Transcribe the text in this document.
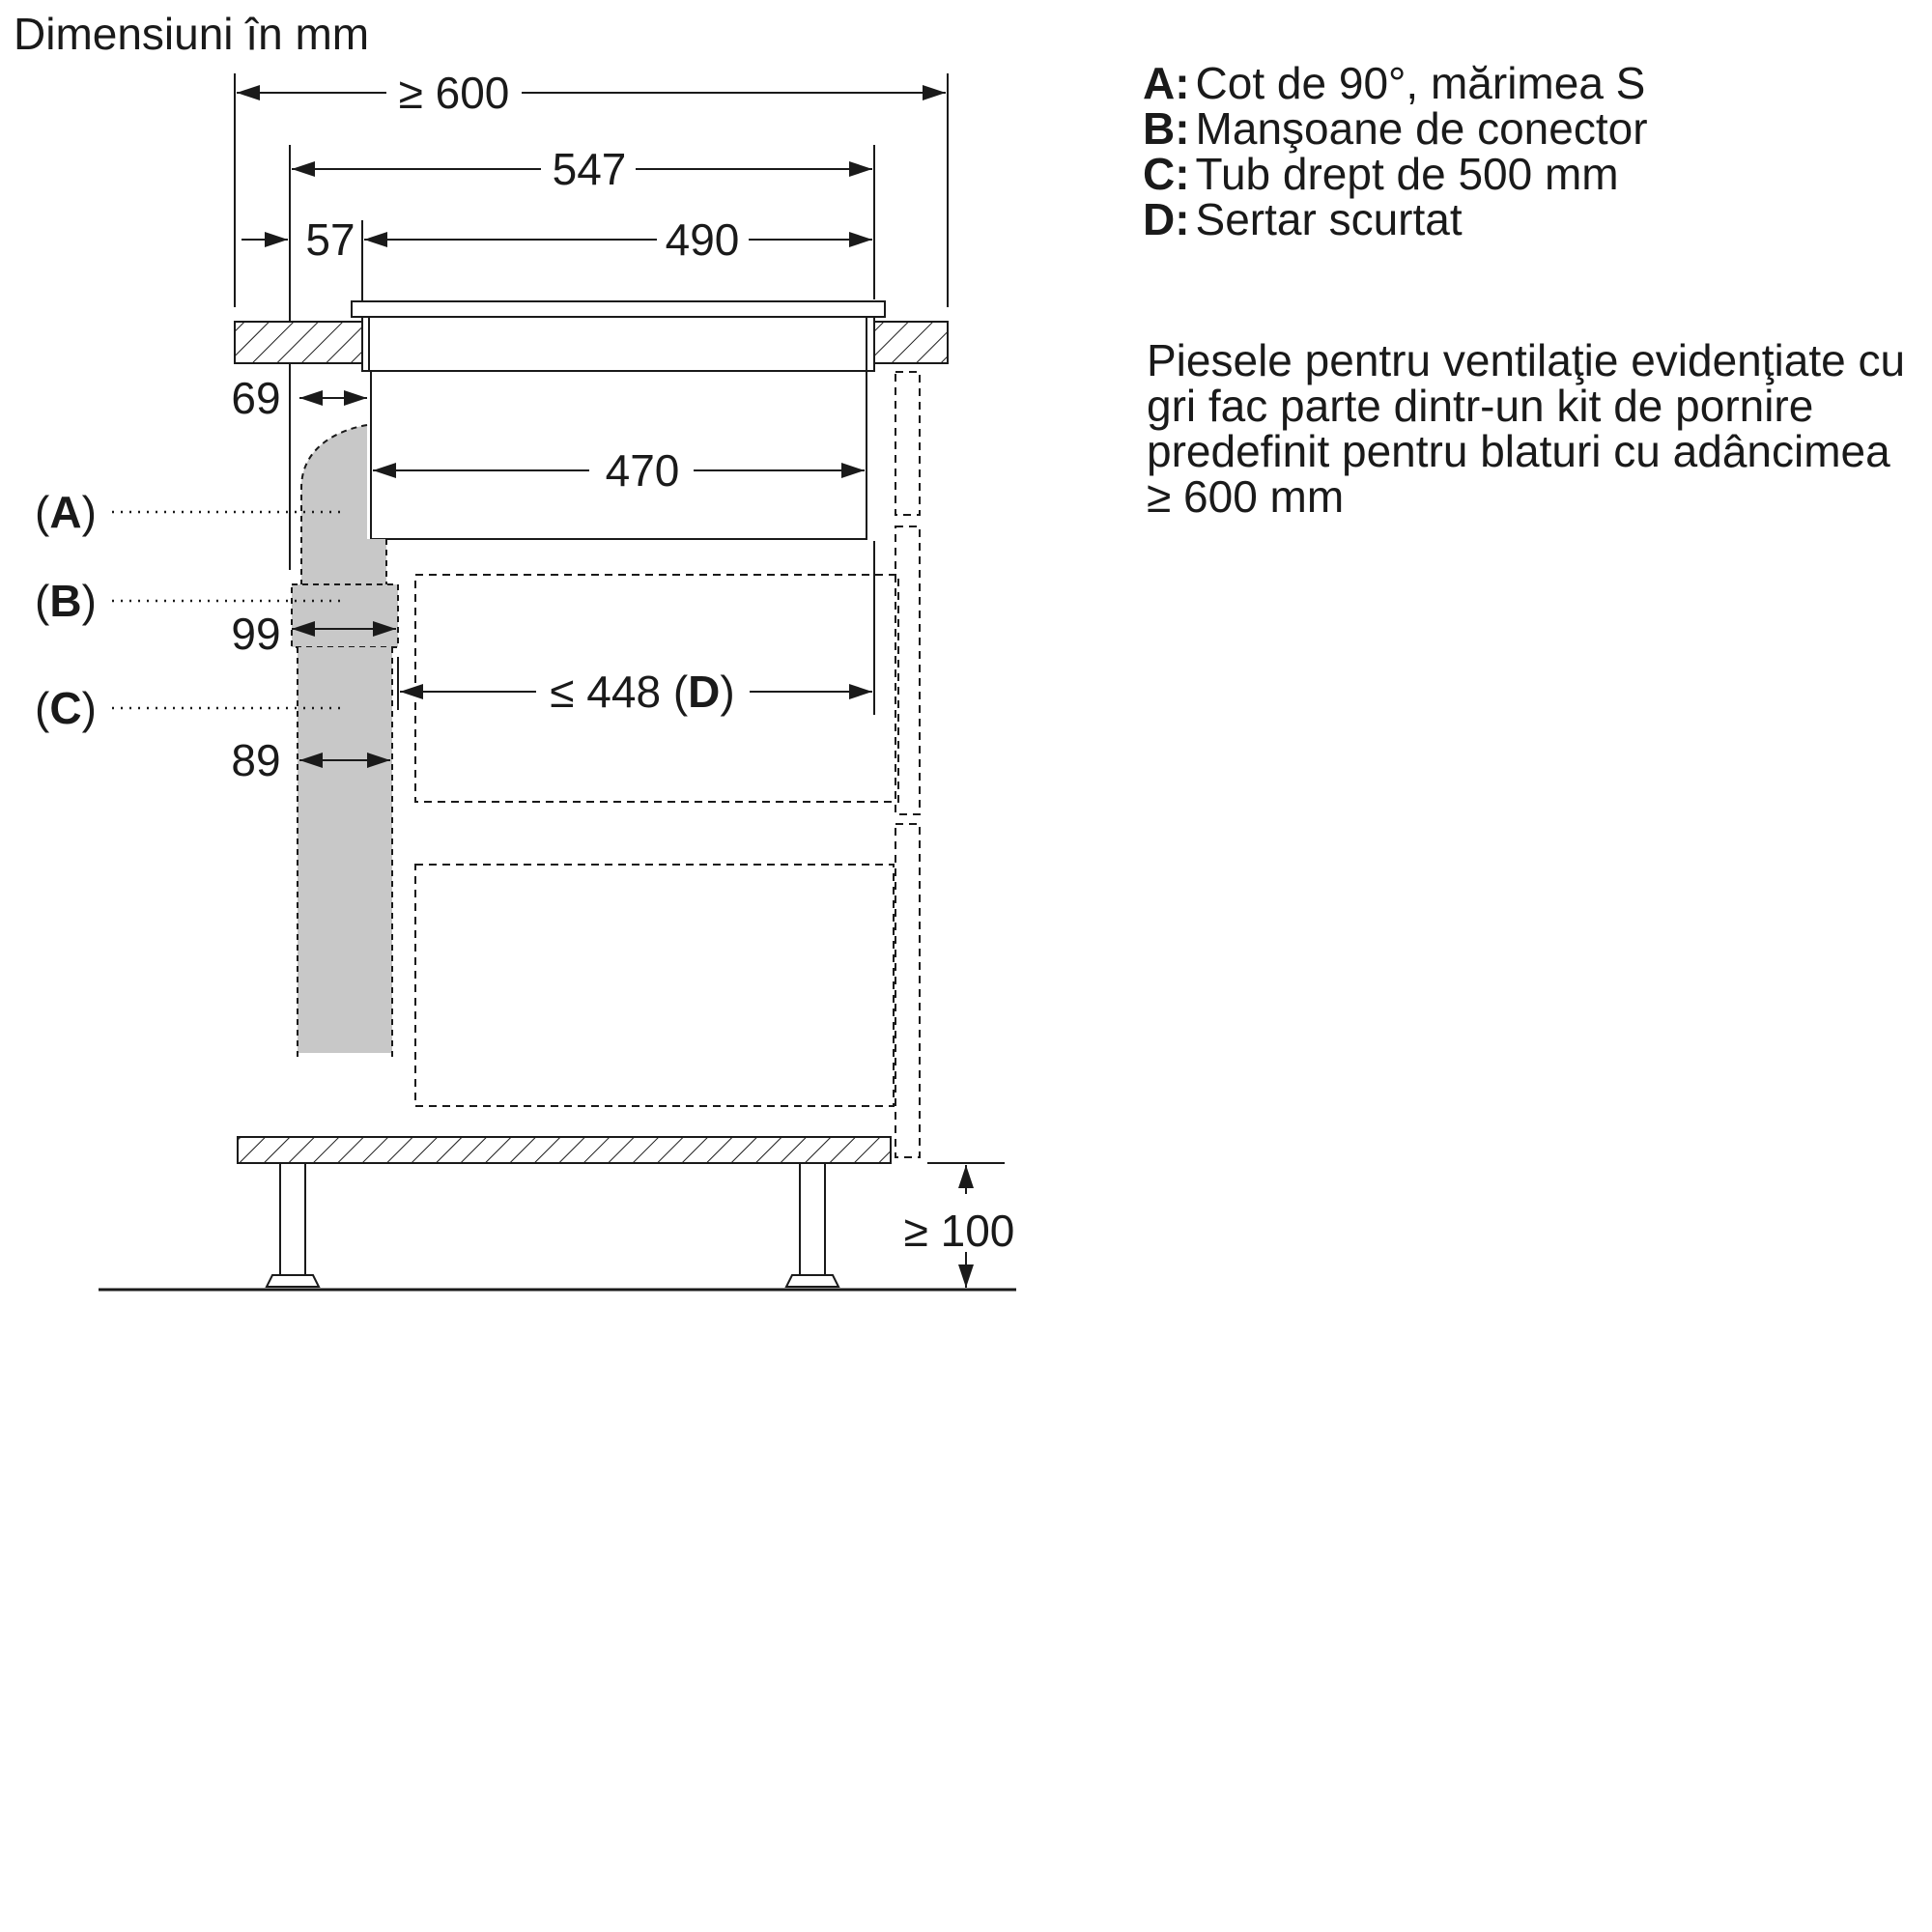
Dimensiuni în mm
≥ 600
547
57	490
470
69
99
89
(A)
(B)
(C)	≤ 448 (D)
≥ 100
A: Cot de 90°, mărimea S
B: Manşoane de conector
C: Tub drept de 500 mm
D: Sertar scurtat
Piesele pentru ventilaţie evidenţiate cu
gri fac parte dintr-un kit de pornire
predefinit pentru blaturi cu adâncimea
≥ 600 mm
